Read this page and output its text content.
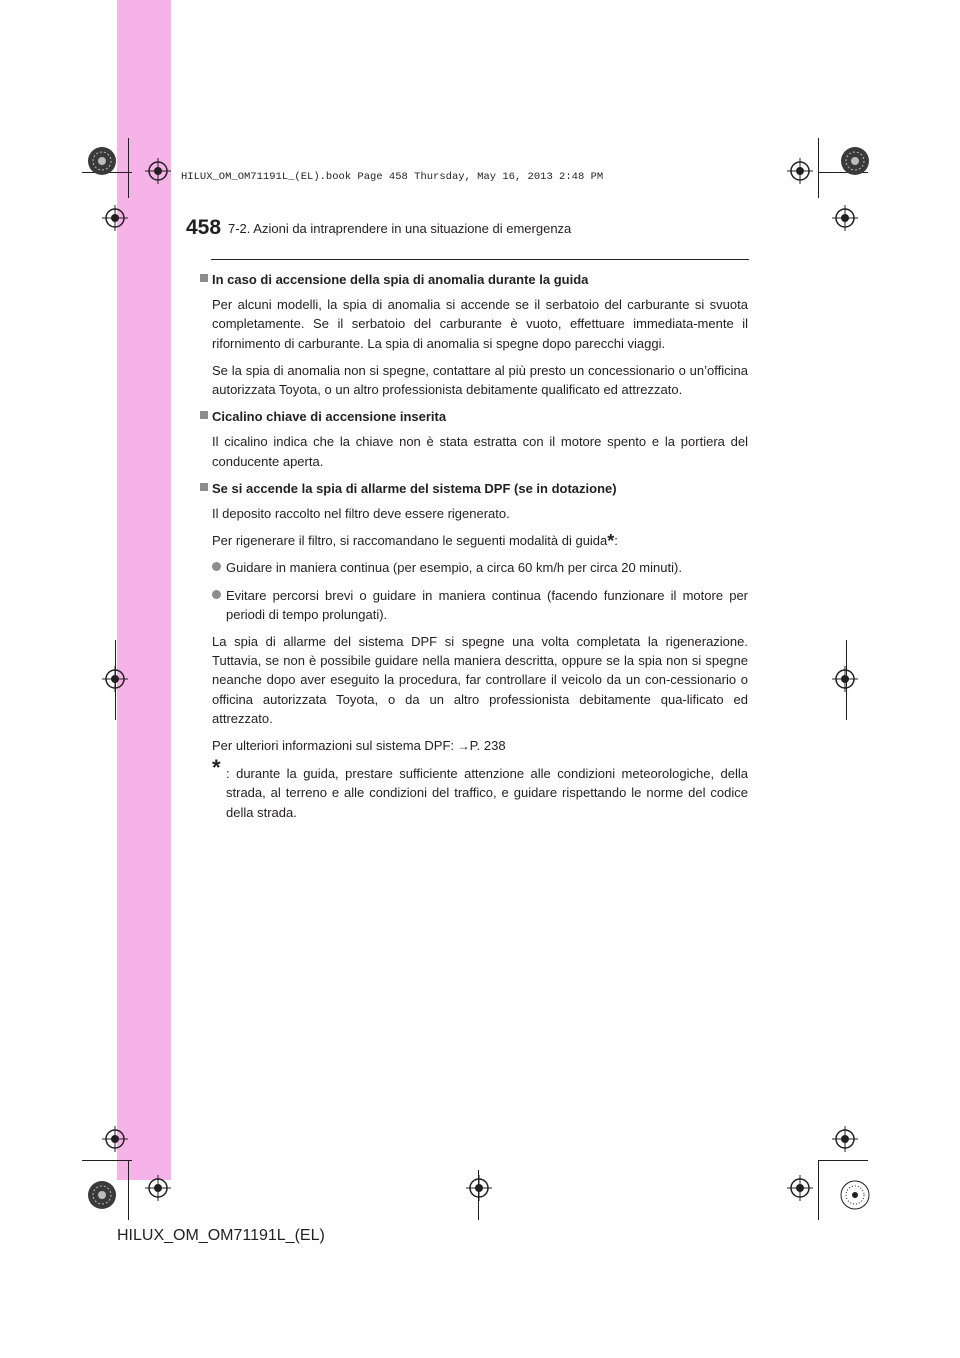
HILUX_OM_OM71191L_(EL).book Page 458 Thursday, May 16, 2013 2:48 PM

458 7-2. Azioni da intraprendere in una situazione di emergenza

In caso di accensione della spia di anomalia durante la guida

Per alcuni modelli, la spia di anomalia si accende se il serbatoio del carburante si svuota completamente. Se il serbatoio del carburante è vuoto, effettuare immediata-mente il rifornimento di carburante. La spia di anomalia si spegne dopo parecchi viaggi.

Se la spia di anomalia non si spegne, contattare al più presto un concessionario o un’officina autorizzata Toyota, o un altro professionista debitamente qualificato ed attrezzato.

Cicalino chiave di accensione inserita

Il cicalino indica che la chiave non è stata estratta con il motore spento e la portiera del conducente aperta.

Se si accende la spia di allarme del sistema DPF (se in dotazione)

Il deposito raccolto nel filtro deve essere rigenerato.

Per rigenerare il filtro, si raccomandano le seguenti modalità di guida*:

Guidare in maniera continua (per esempio, a circa 60 km/h per circa 20 minuti).

Evitare percorsi brevi o guidare in maniera continua (facendo funzionare il motore per periodi di tempo prolungati).

La spia di allarme del sistema DPF si spegne una volta completata la rigenerazione. Tuttavia, se non è possibile guidare nella maniera descritta, oppure se la spia non si spegne neanche dopo aver eseguito la procedura, far controllare il veicolo da un con-cessionario o officina autorizzata Toyota, o da un altro professionista debitamente qua-lificato ed attrezzato.

Per ulteriori informazioni sul sistema DPF: →P. 238

* : durante la guida, prestare sufficiente attenzione alle condizioni meteorologiche, della strada, al terreno e alle condizioni del traffico, e guidare rispettando le norme del codice della strada.

HILUX_OM_OM71191L_(EL)
